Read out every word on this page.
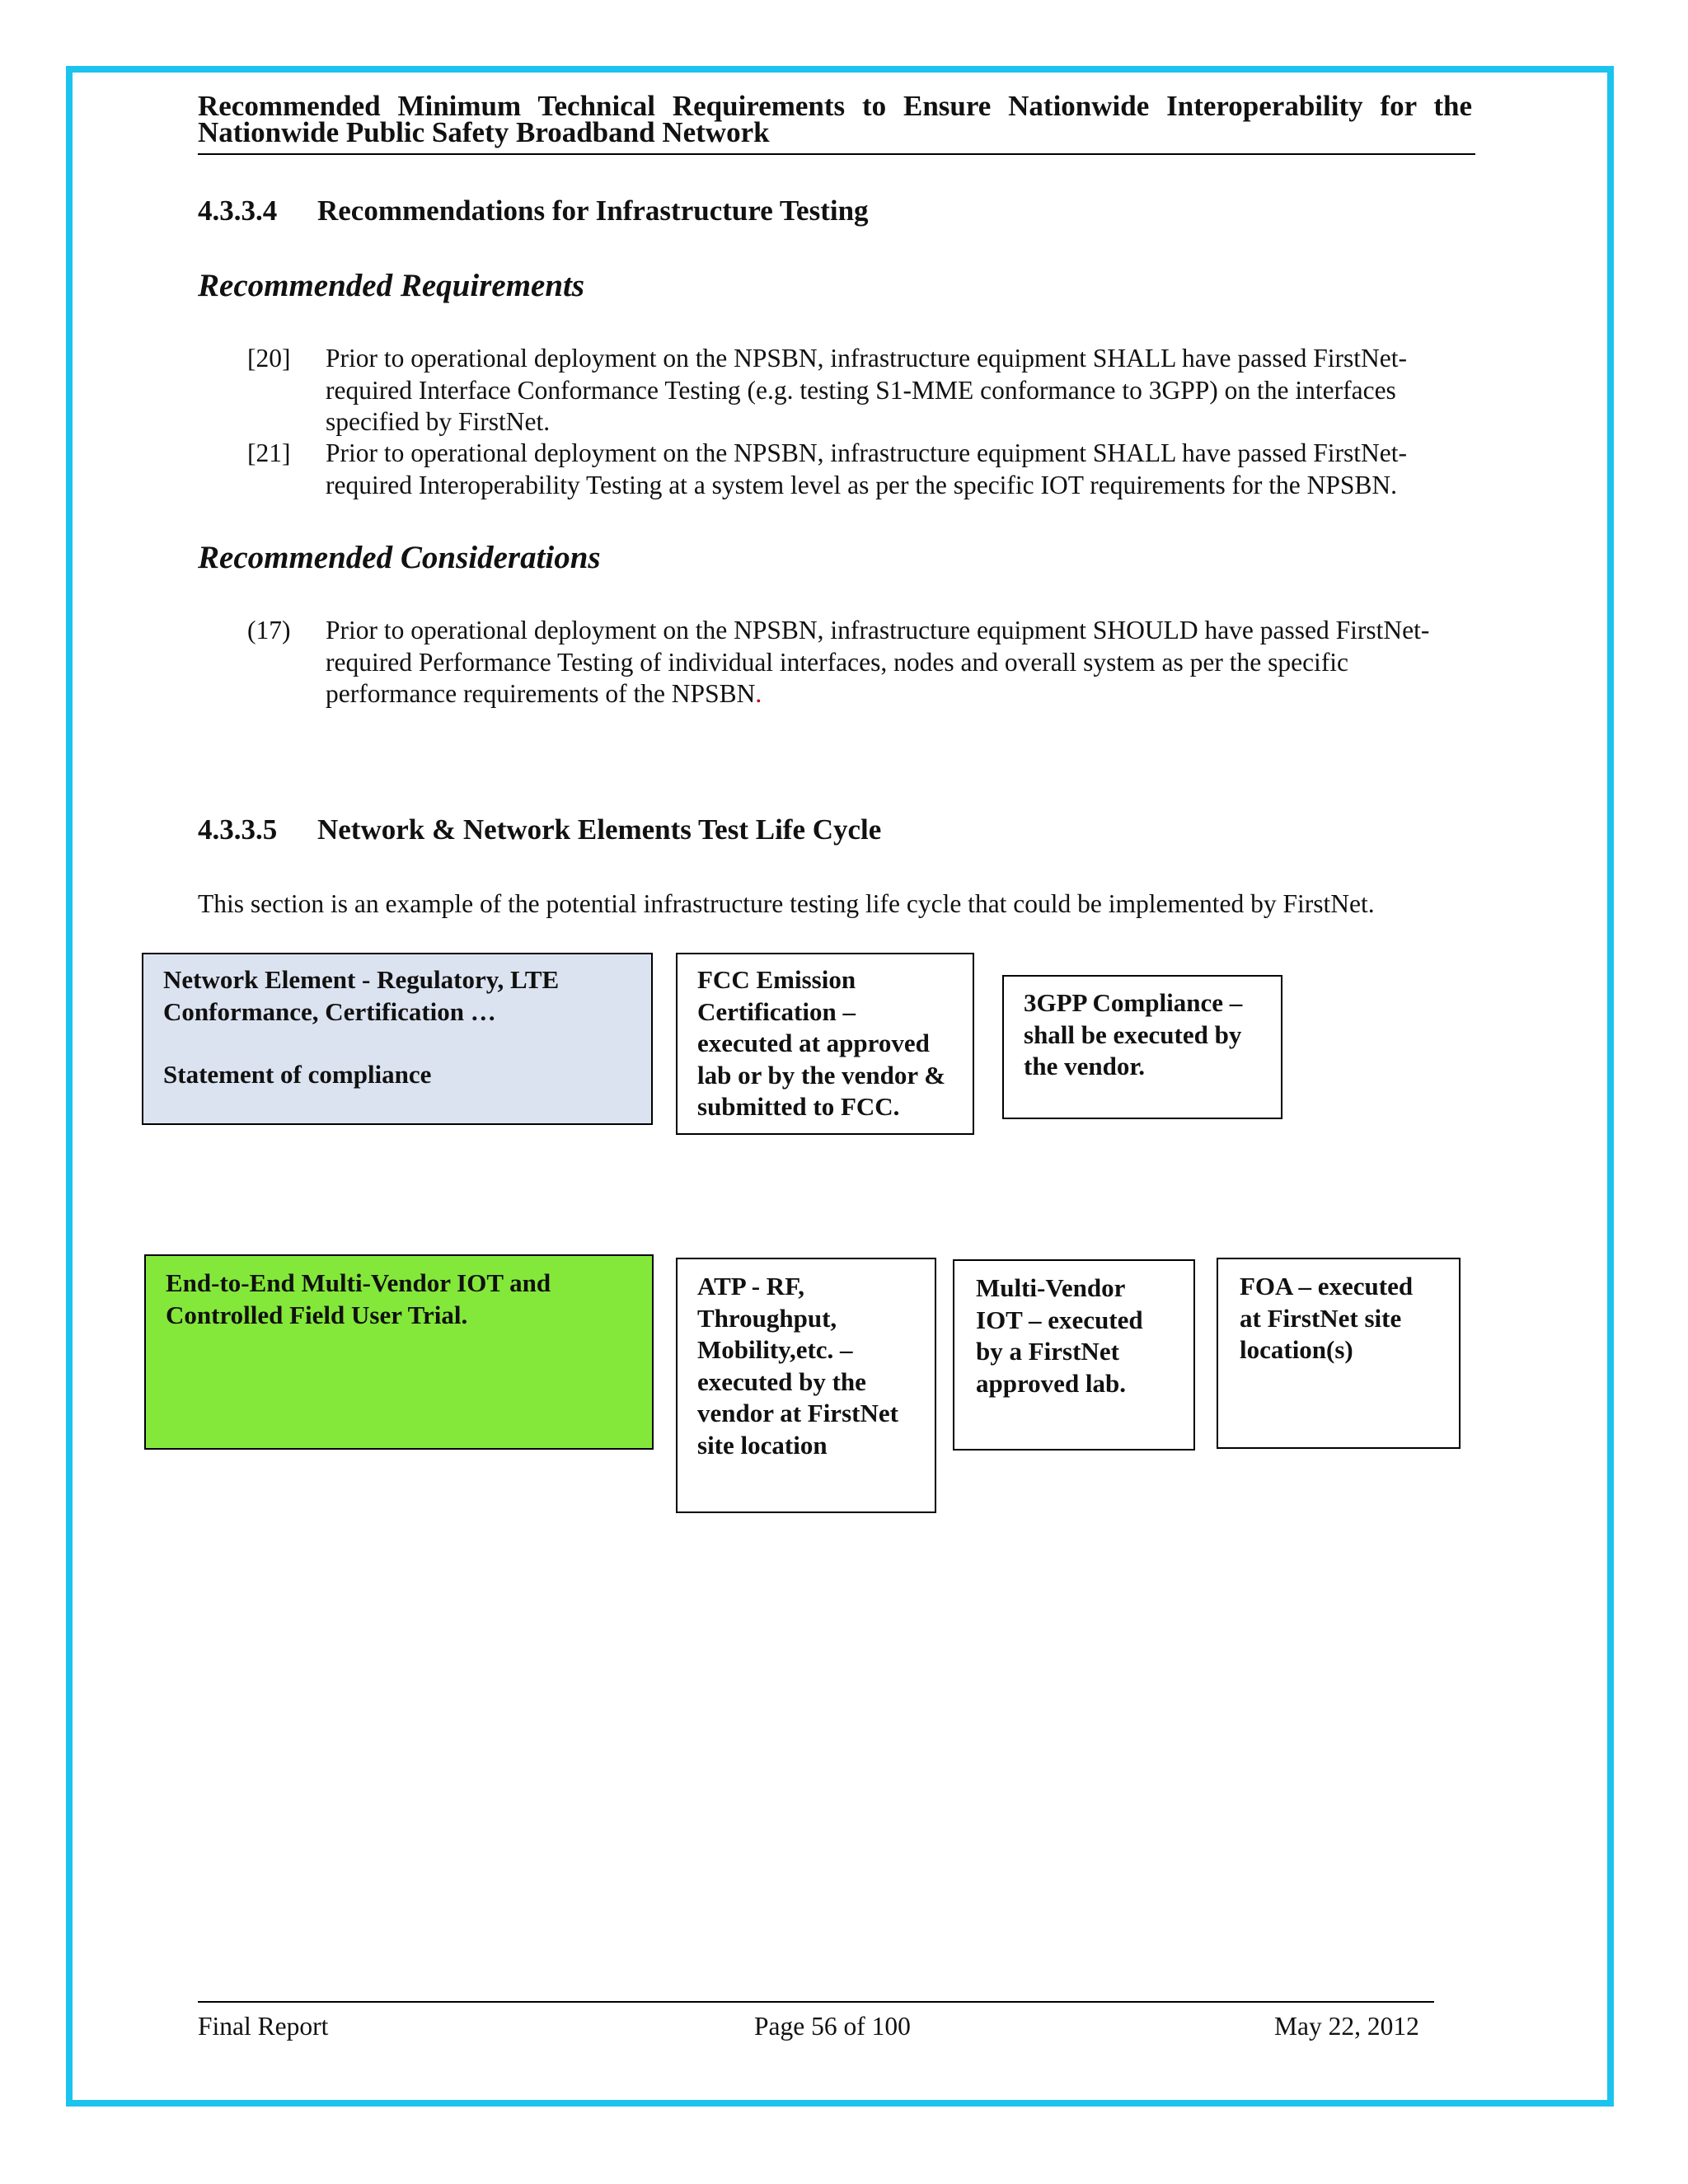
Recommended Minimum Technical Requirements to Ensure Nationwide Interoperability for the Nationwide Public Safety Broadband Network
4.3.3.4 Recommendations for Infrastructure Testing
Recommended Requirements
[20] Prior to operational deployment on the NPSBN, infrastructure equipment SHALL have passed FirstNet-required Interface Conformance Testing (e.g. testing S1-MME conformance to 3GPP) on the interfaces specified by FirstNet.
[21] Prior to operational deployment on the NPSBN, infrastructure equipment SHALL have passed FirstNet-required Interoperability Testing at a system level as per the specific IOT requirements for the NPSBN.
Recommended Considerations
(17) Prior to operational deployment on the NPSBN, infrastructure equipment SHOULD have passed FirstNet-required Performance Testing of individual interfaces, nodes and overall system as per the specific performance requirements of the NPSBN.
4.3.3.5 Network & Network Elements Test Life Cycle
This section is an example of the potential infrastructure testing life cycle that could be implemented by FirstNet.
Network Element - Regulatory, LTE Conformance, Certification …
Statement of compliance
FCC Emission Certification – executed at approved lab or by the vendor & submitted to FCC.
3GPP Compliance – shall be executed by the vendor.
End-to-End Multi-Vendor IOT and Controlled Field User Trial.
ATP - RF, Throughput, Mobility,etc. – executed by the vendor at FirstNet site location
Multi-Vendor IOT – executed by a FirstNet approved lab.
FOA – executed at FirstNet site location(s)
Final Report	Page 56 of 100	May 22, 2012
